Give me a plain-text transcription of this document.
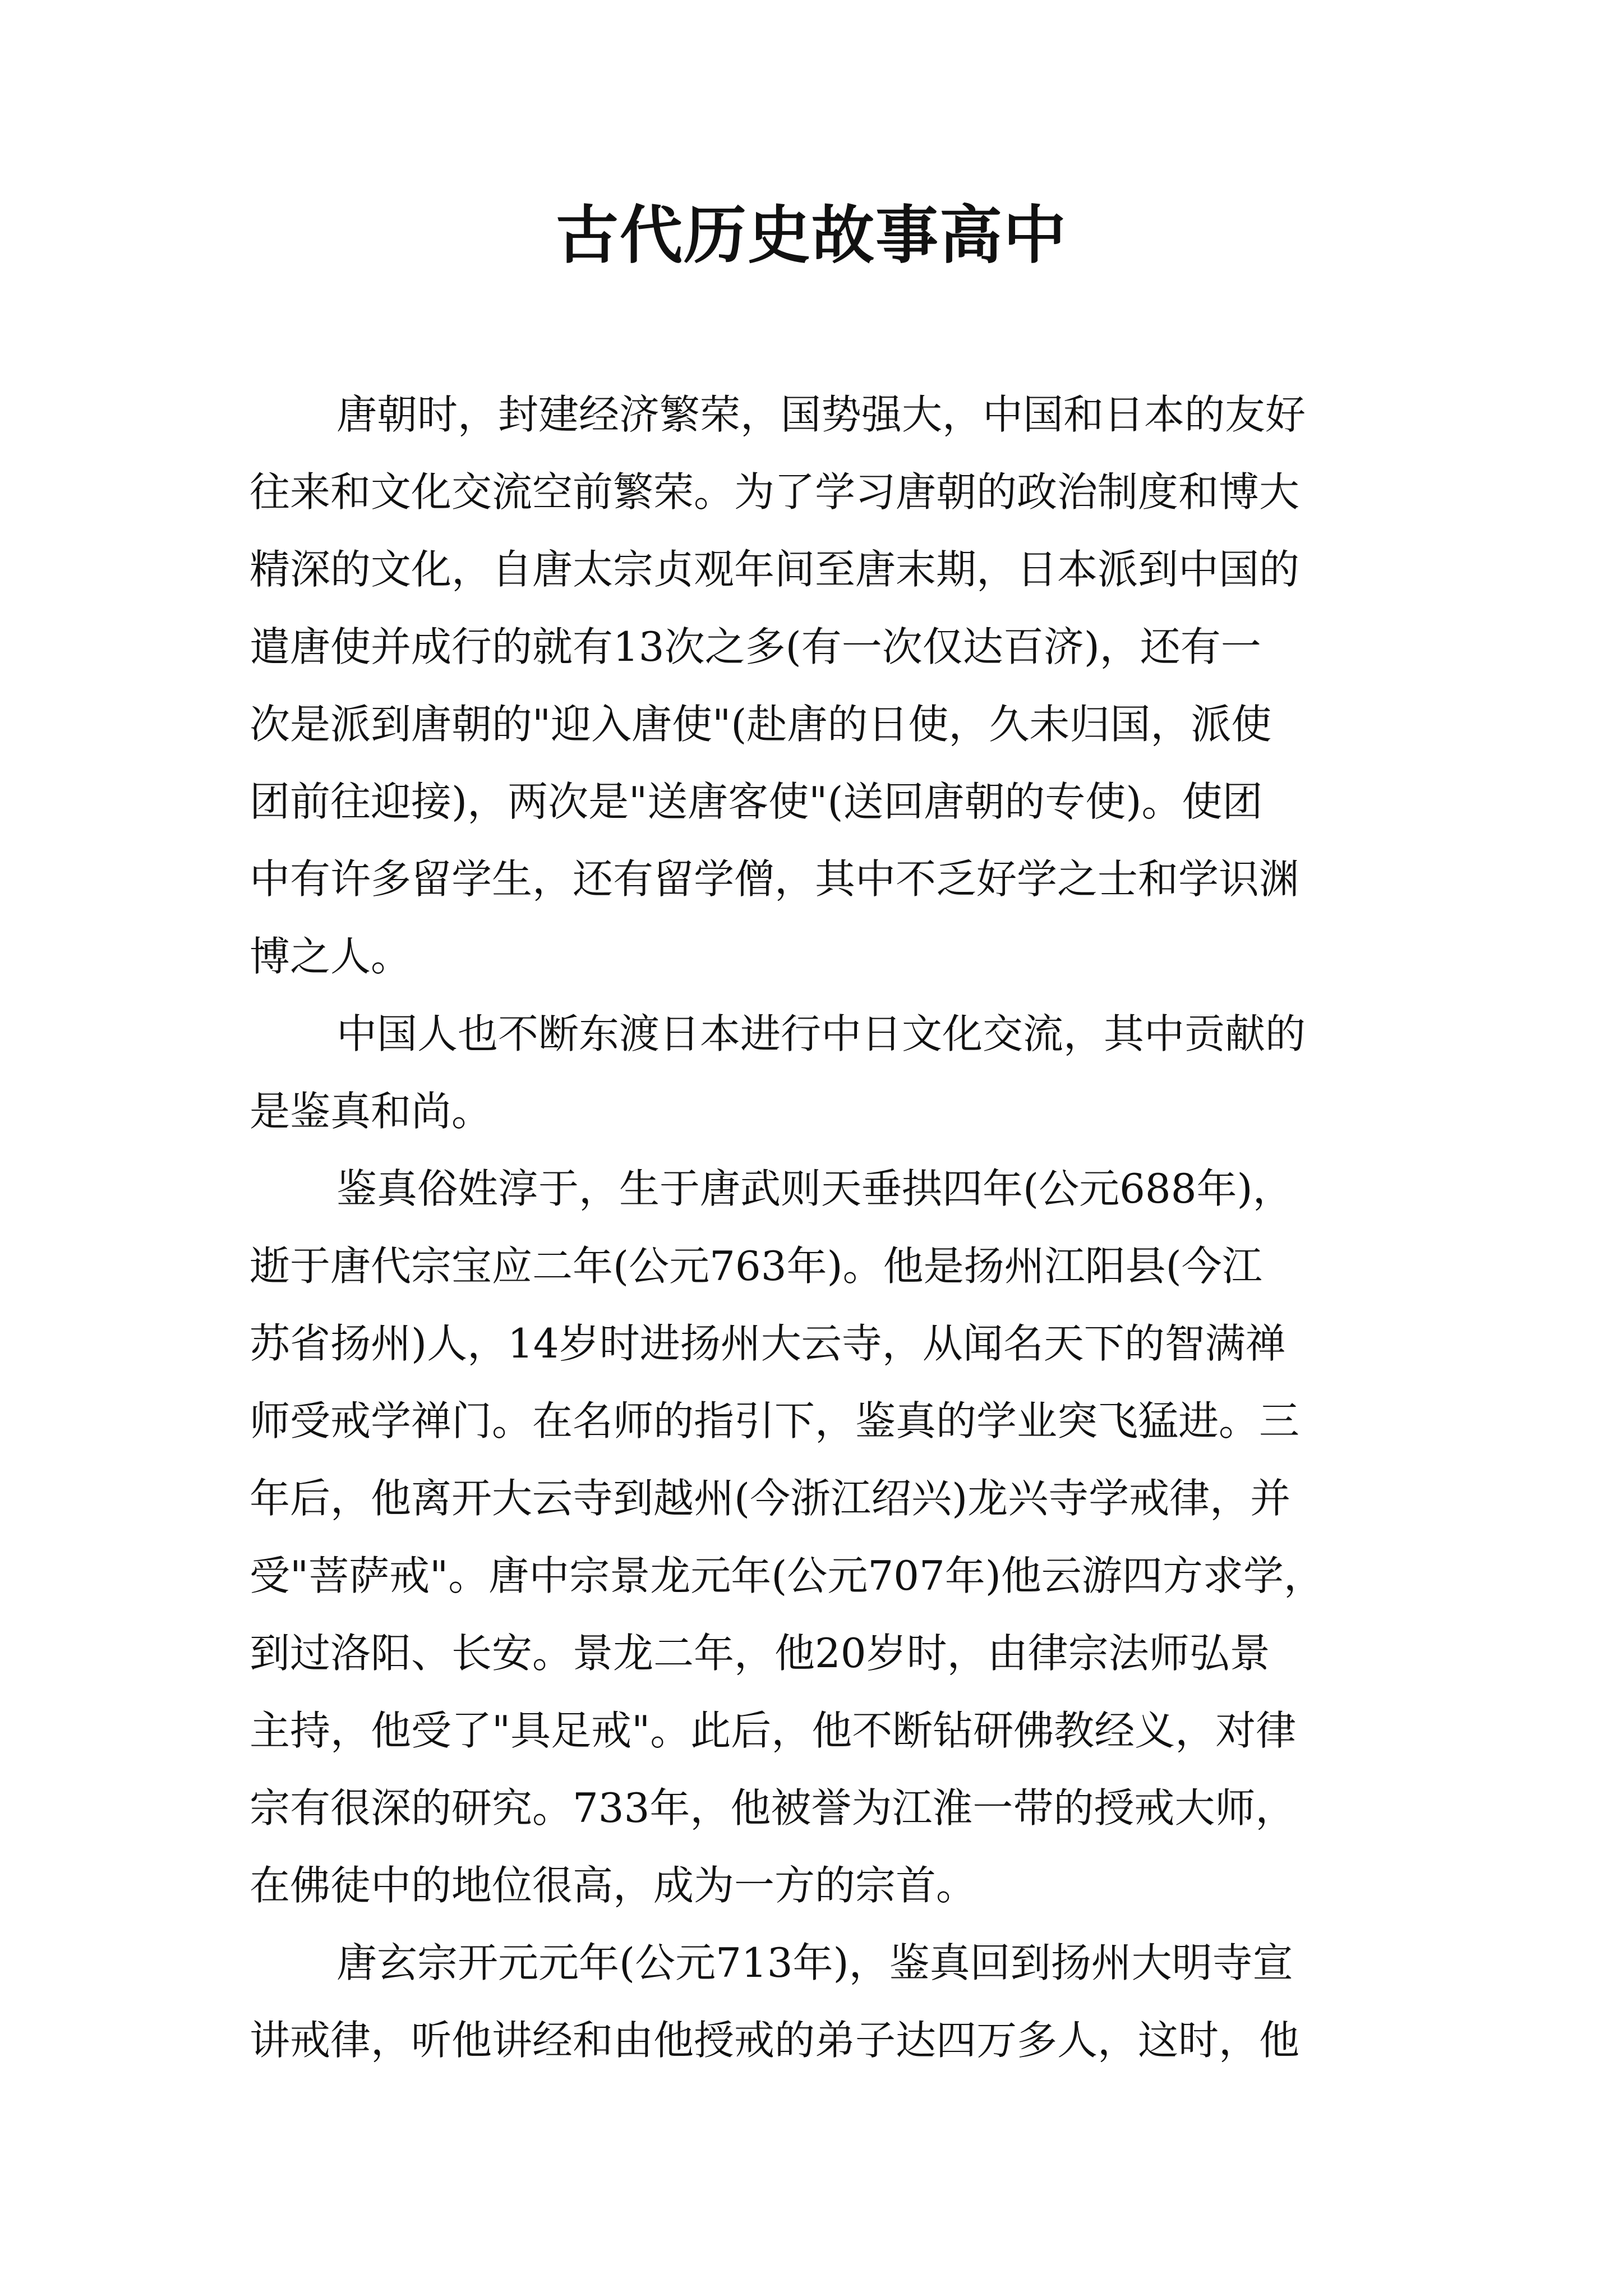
古代历史故事高中

唐朝时，封建经济繁荣，国势强大，中国和日本的友好
往来和文化交流空前繁荣。为了学习唐朝的政治制度和博大
精深的文化，自唐太宗贞观年间至唐末期，日本派到中国的
遣唐使并成行的就有13次之多(有一次仅达百济)，还有一
次是派到唐朝的"迎入唐使"(赴唐的日使，久未归国，派使
团前往迎接)，两次是"送唐客使"(送回唐朝的专使)。使团
中有许多留学生，还有留学僧，其中不乏好学之士和学识渊
博之人。

中国人也不断东渡日本进行中日文化交流，其中贡献的
是鉴真和尚。

鉴真俗姓淳于，生于唐武则天垂拱四年(公元688年)，
逝于唐代宗宝应二年(公元763年)。他是扬州江阳县(今江
苏省扬州)人，14岁时进扬州大云寺，从闻名天下的智满禅
师受戒学禅门。在名师的指引下，鉴真的学业突飞猛进。三
年后，他离开大云寺到越州(今浙江绍兴)龙兴寺学戒律，并
受"菩萨戒"。唐中宗景龙元年(公元707年)他云游四方求学，
到过洛阳、长安。景龙二年，他20岁时，由律宗法师弘景
主持，他受了"具足戒"。此后，他不断钻研佛教经义，对律
宗有很深的研究。733年，他被誉为江淮一带的授戒大师，
在佛徒中的地位很高，成为一方的宗首。

唐玄宗开元元年(公元713年)，鉴真回到扬州大明寺宣
讲戒律，听他讲经和由他授戒的弟子达四万多人，这时，他
